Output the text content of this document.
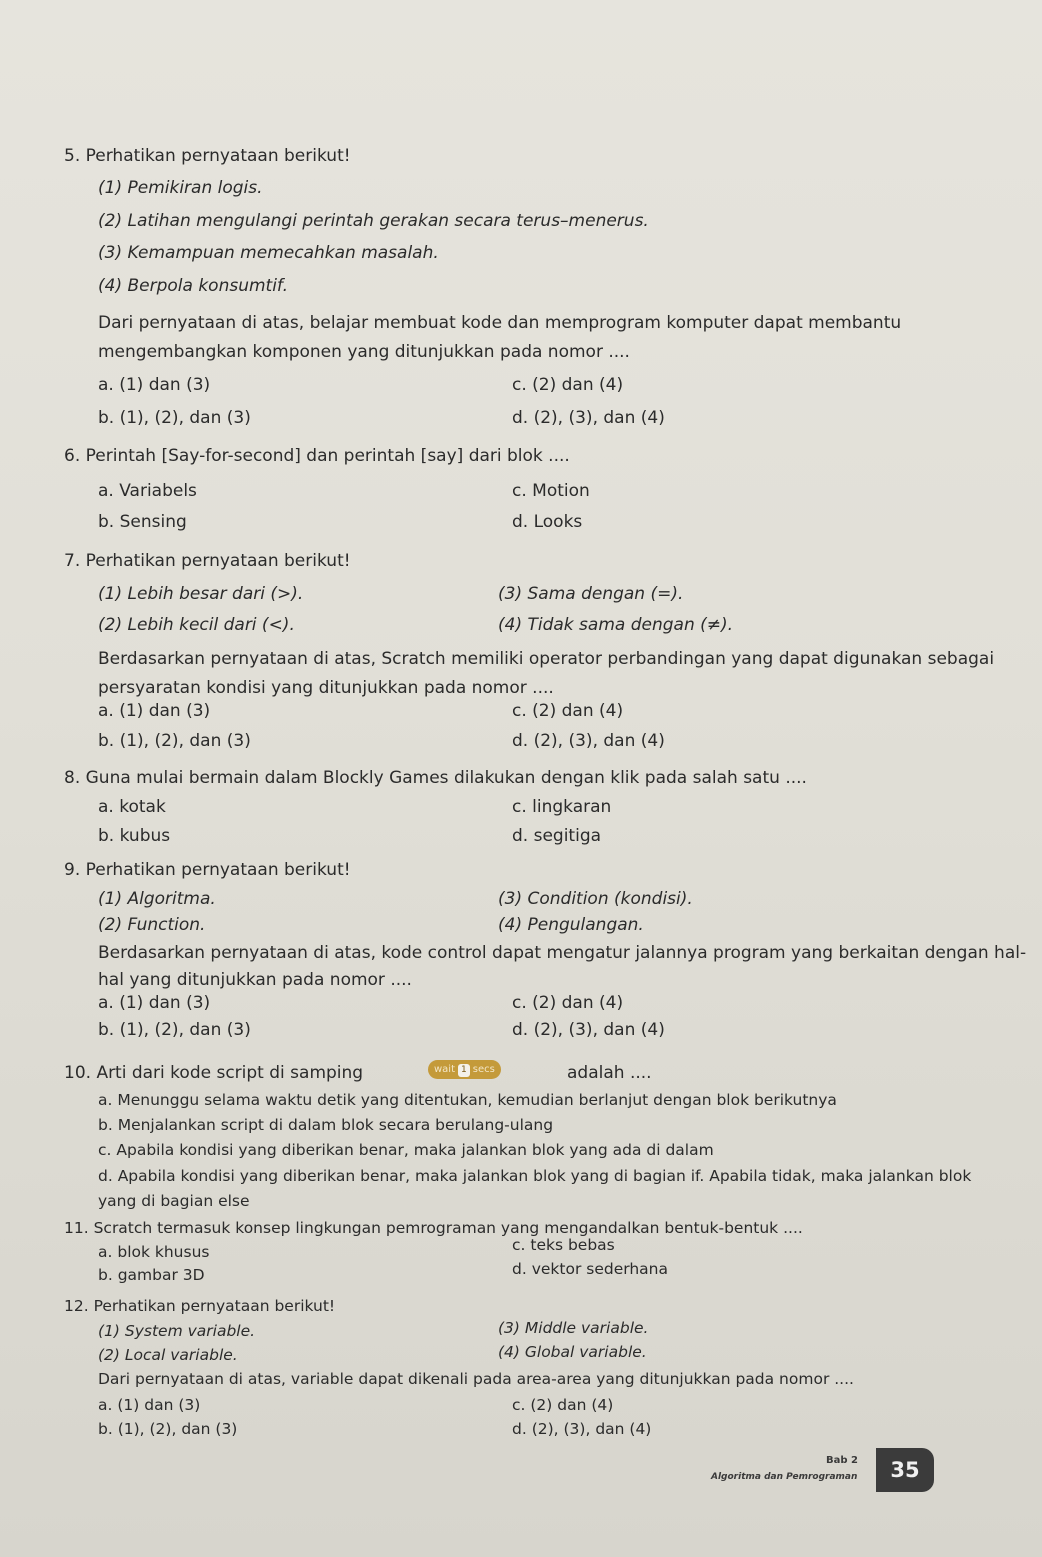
5. Perhatikan pernyataan berikut!
(1) Pemikiran logis.
(2) Latihan mengulangi perintah gerakan secara terus–menerus.
(3) Kemampuan memecahkan masalah.
(4) Berpola konsumtif.
Dari pernyataan di atas, belajar membuat kode dan memprogram komputer dapat membantu mengembangkan komponen yang ditunjukkan pada nomor ....
a. (1) dan (3)
b. (1), (2), dan (3)
c. (2) dan (4)
d. (2), (3), dan (4)
6. Perintah [Say-for-second] dan perintah [say] dari blok ....
a. Variabels
b. Sensing
c. Motion
d. Looks
7. Perhatikan pernyataan berikut!
(1) Lebih besar dari (>).
(2) Lebih kecil dari (<).
(3) Sama dengan (=).
(4) Tidak sama dengan (≠).
Berdasarkan pernyataan di atas, Scratch memiliki operator perbandingan yang dapat digunakan sebagai persyaratan kondisi yang ditunjukkan pada nomor ....
a. (1) dan (3)
b. (1), (2), dan (3)
c. (2) dan (4)
d. (2), (3), dan (4)
8. Guna mulai bermain dalam Blockly Games dilakukan dengan klik pada salah satu ....
a. kotak
b. kubus
c. lingkaran
d. segitiga
9. Perhatikan pernyataan berikut!
(1) Algoritma.
(2) Function.
(3) Condition (kondisi).
(4) Pengulangan.
Berdasarkan pernyataan di atas, kode control dapat mengatur jalannya program yang berkaitan dengan hal-hal yang ditunjukkan pada nomor ....
a. (1) dan (3)
b. (1), (2), dan (3)
c. (2) dan (4)
d. (2), (3), dan (4)
10. Arti dari kode script di samping	wait 1 secs	adalah ....
a. Menunggu selama waktu detik yang ditentukan, kemudian berlanjut dengan blok berikutnya
b. Menjalankan script di dalam blok secara berulang-ulang
c. Apabila kondisi yang diberikan benar, maka jalankan blok yang ada di dalam
d. Apabila kondisi yang diberikan benar, maka jalankan blok yang di bagian if. Apabila tidak, maka jalankan blok yang di bagian else
11. Scratch termasuk konsep lingkungan pemrograman yang mengandalkan bentuk-bentuk ....
a. blok khusus
b. gambar 3D
c. teks bebas
d. vektor sederhana
12. Perhatikan pernyataan berikut!
(1) System variable.
(2) Local variable.
(3) Middle variable.
(4) Global variable.
Dari pernyataan di atas, variable dapat dikenali pada area-area yang ditunjukkan pada nomor ....
a. (1) dan (3)
b. (1), (2), dan (3)
c. (2) dan (4)
d. (2), (3), dan (4)
Bab 2
Algoritma dan Pemrograman	35
